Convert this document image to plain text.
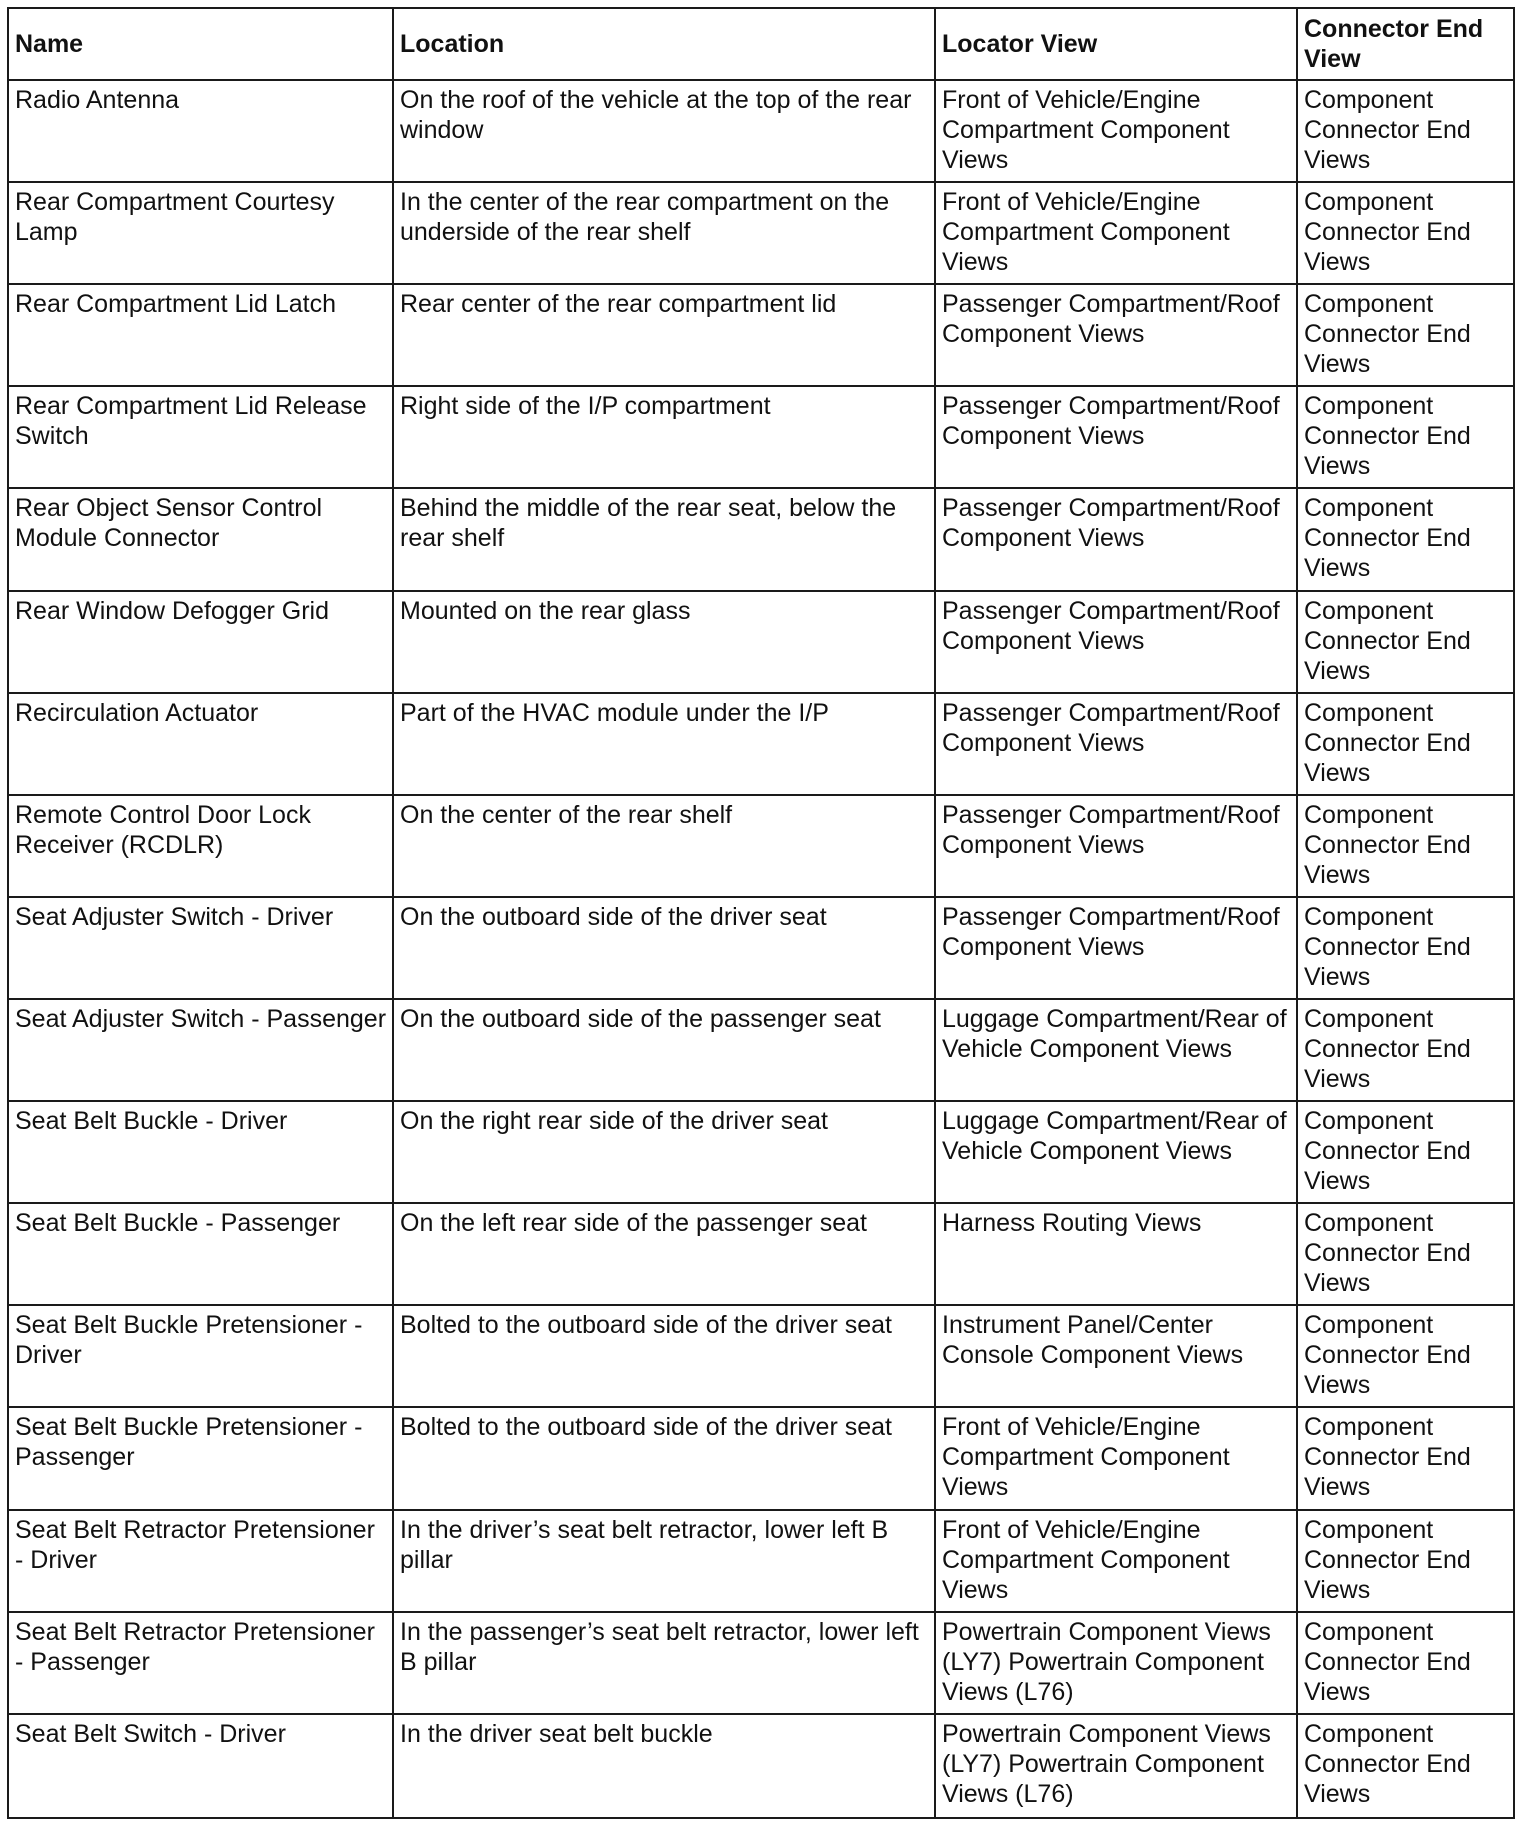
Name	Location	Locator View	Connector End View
Radio Antenna	On the roof of the vehicle at the top of the rear window	Front of Vehicle/Engine Compartment Component Views	Component Connector End Views
Rear Compartment Courtesy Lamp	In the center of the rear compartment on the underside of the rear shelf	Front of Vehicle/Engine Compartment Component Views	Component Connector End Views
Rear Compartment Lid Latch	Rear center of the rear compartment lid	Passenger Compartment/Roof Component Views	Component Connector End Views
Rear Compartment Lid Release Switch	Right side of the I/P compartment	Passenger Compartment/Roof Component Views	Component Connector End Views
Rear Object Sensor Control Module Connector	Behind the middle of the rear seat, below the rear shelf	Passenger Compartment/Roof Component Views	Component Connector End Views
Rear Window Defogger Grid	Mounted on the rear glass	Passenger Compartment/Roof Component Views	Component Connector End Views
Recirculation Actuator	Part of the HVAC module under the I/P	Passenger Compartment/Roof Component Views	Component Connector End Views
Remote Control Door Lock Receiver (RCDLR)	On the center of the rear shelf	Passenger Compartment/Roof Component Views	Component Connector End Views
Seat Adjuster Switch - Driver	On the outboard side of the driver seat	Passenger Compartment/Roof Component Views	Component Connector End Views
Seat Adjuster Switch - Passenger	On the outboard side of the passenger seat	Luggage Compartment/Rear of Vehicle Component Views	Component Connector End Views
Seat Belt Buckle - Driver	On the right rear side of the driver seat	Luggage Compartment/Rear of Vehicle Component Views	Component Connector End Views
Seat Belt Buckle - Passenger	On the left rear side of the passenger seat	Harness Routing Views	Component Connector End Views
Seat Belt Buckle Pretensioner - Driver	Bolted to the outboard side of the driver seat	Instrument Panel/Center Console Component Views	Component Connector End Views
Seat Belt Buckle Pretensioner - Passenger	Bolted to the outboard side of the driver seat	Front of Vehicle/Engine Compartment Component Views	Component Connector End Views
Seat Belt Retractor Pretensioner - Driver	In the driver’s seat belt retractor, lower left B pillar	Front of Vehicle/Engine Compartment Component Views	Component Connector End Views
Seat Belt Retractor Pretensioner - Passenger	In the passenger’s seat belt retractor, lower left B pillar	Powertrain Component Views (LY7) Powertrain Component Views (L76)	Component Connector End Views
Seat Belt Switch - Driver	In the driver seat belt buckle	Powertrain Component Views (LY7) Powertrain Component Views (L76)	Component Connector End Views
